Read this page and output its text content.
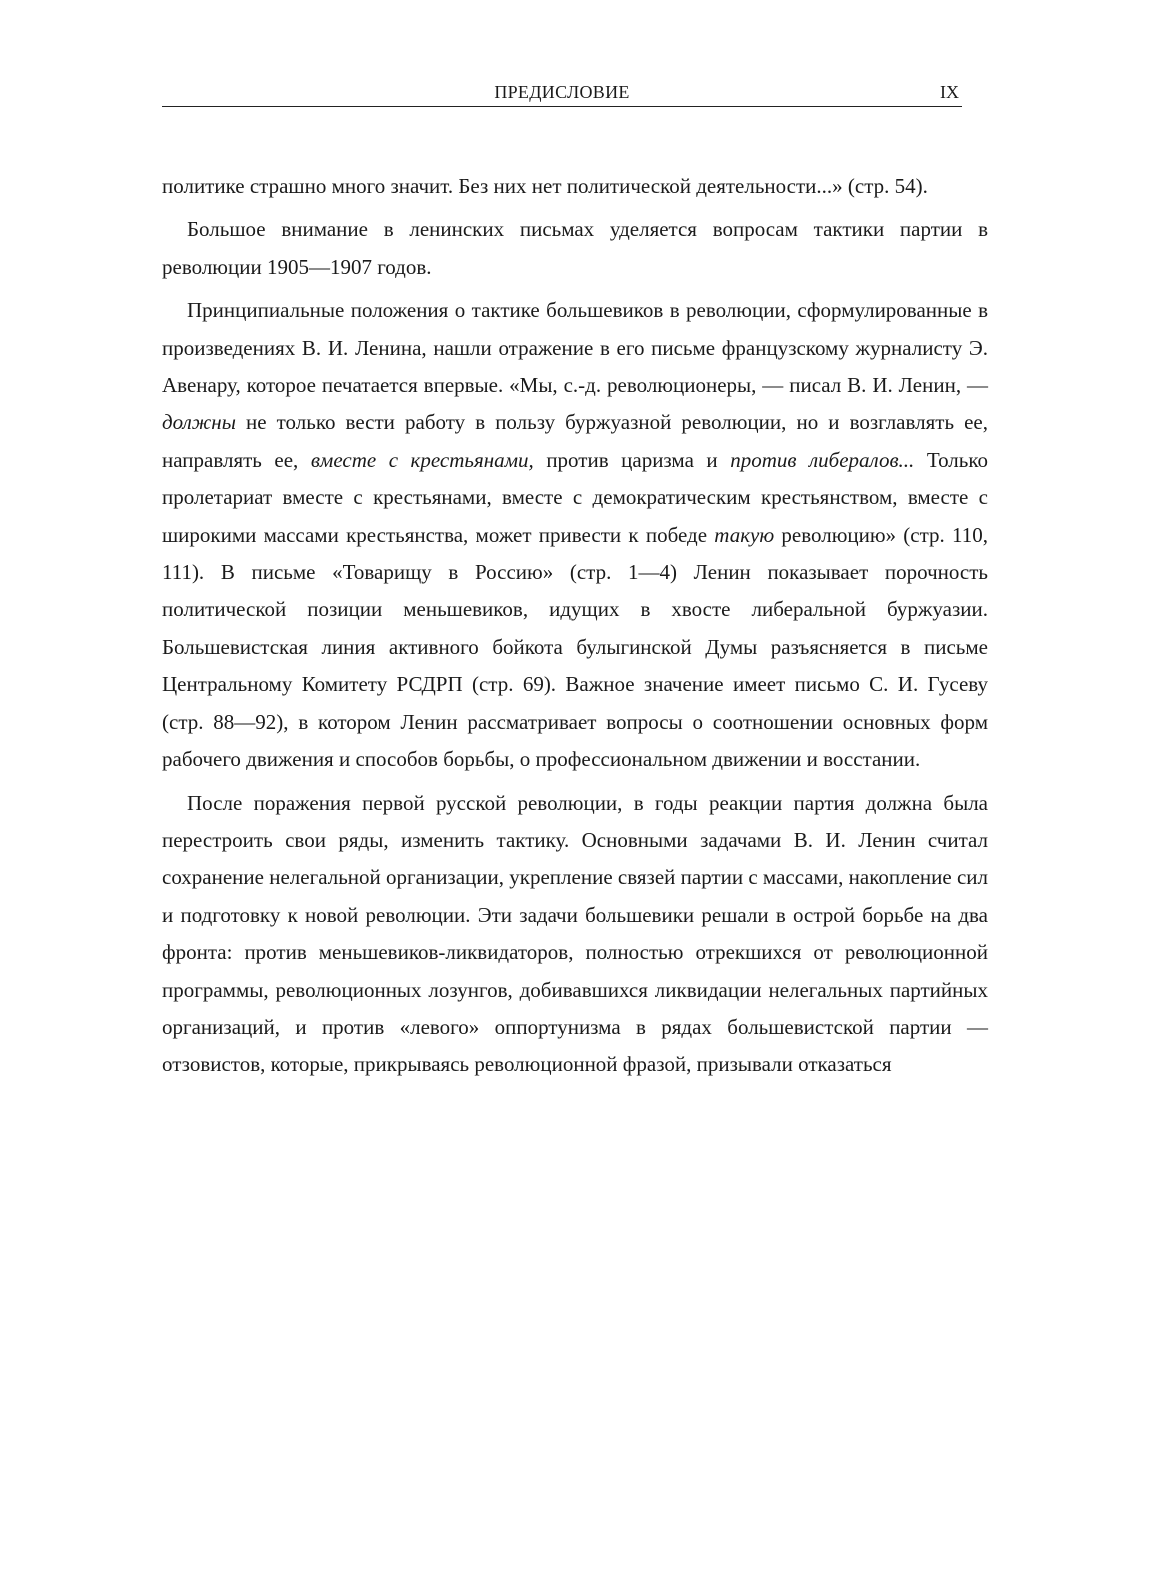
ПРЕДИСЛОВИЕ	IX

политике страшно много значит. Без них нет политической деятельности...» (стр. 54).

Большое внимание в ленинских письмах уделяется вопросам тактики партии в революции 1905—1907 годов.

Принципиальные положения о тактике большевиков в революции, сформулированные в произведениях В. И. Ленина, нашли отражение в его письме французскому журналисту Э. Авенару, которое печатается впервые. «Мы, с.-д. революционеры, — писал В. И. Ленин, — должны не только вести работу в пользу буржуазной революции, но и возглавлять ее, направлять ее, вместе с крестьянами, против царизма и против либералов... Только пролетариат вместе с крестьянами, вместе с демократическим крестьянством, вместе с широкими массами крестьянства, может привести к победе такую революцию» (стр. 110, 111). В письме «Товарищу в Россию» (стр. 1—4) Ленин показывает порочность политической позиции меньшевиков, идущих в хвосте либеральной буржуазии. Большевистская линия активного бойкота булыгинской Думы разъясняется в письме Центральному Комитету РСДРП (стр. 69). Важное значение имеет письмо С. И. Гусеву (стр. 88—92), в котором Ленин рассматривает вопросы о соотношении основных форм рабочего движения и способов борьбы, о профессиональном движении и восстании.

После поражения первой русской революции, в годы реакции партия должна была перестроить свои ряды, изменить тактику. Основными задачами В. И. Ленин считал сохранение нелегальной организации, укрепление связей партии с массами, накопление сил и подготовку к новой революции. Эти задачи большевики решали в острой борьбе на два фронта: против меньшевиков-ликвидаторов, полностью отрекшихся от революционной программы, революционных лозунгов, добивавшихся ликвидации нелегальных партийных организаций, и против «левого» оппортунизма в рядах большевистской партии — отзовистов, которые, прикрываясь революционной фразой, призывали отказаться
